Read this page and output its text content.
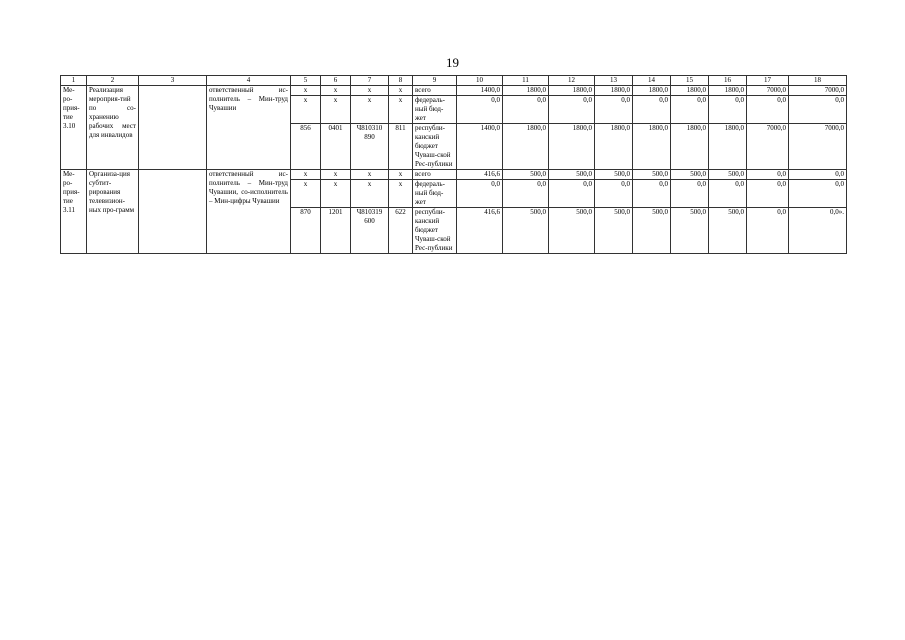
19
1	2	3	4	5	6	7	8	9	10	11	12	13	14	15	16	17	18
Ме-
ро-
прия-
тие
3.10	Реализация мероприя-тий по со-хранению рабочих мест для инвалидов		ответственный ис-полнитель – Мин-труд Чувашии	x	x	x	x	всего	1400,0	1800,0	1800,0	1800,0	1800,0	1800,0	1800,0	7000,0	7000,0
				x	x	x	x	федераль-ный бюд-жет	0,0	0,0	0,0	0,0	0,0	0,0	0,0	0,0	0,0
				856	0401	Ч810310 890	811	республи-канский бюджет Чуваш-ской Рес-публики	1400,0	1800,0	1800,0	1800,0	1800,0	1800,0	1800,0	7000,0	7000,0
Ме-
ро-
прия-
тие
3.11	Организа-ция субтит-рирования телевизион-ных про-грамм		ответственный ис-полнитель – Мин-труд Чувашии, со-исполнитель – Мин-цифры Чувашии	x	x	x	x	всего	416,6	500,0	500,0	500,0	500,0	500,0	500,0	0,0	0,0
				x	x	x	x	федераль-ный бюд-жет	0,0	0,0	0,0	0,0	0,0	0,0	0,0	0,0	0,0
				870	1201	Ч810319 600	622	республи-канский бюджет Чуваш-ской Рес-публики	416,6	500,0	500,0	500,0	500,0	500,0	500,0	0,0	0,0».
